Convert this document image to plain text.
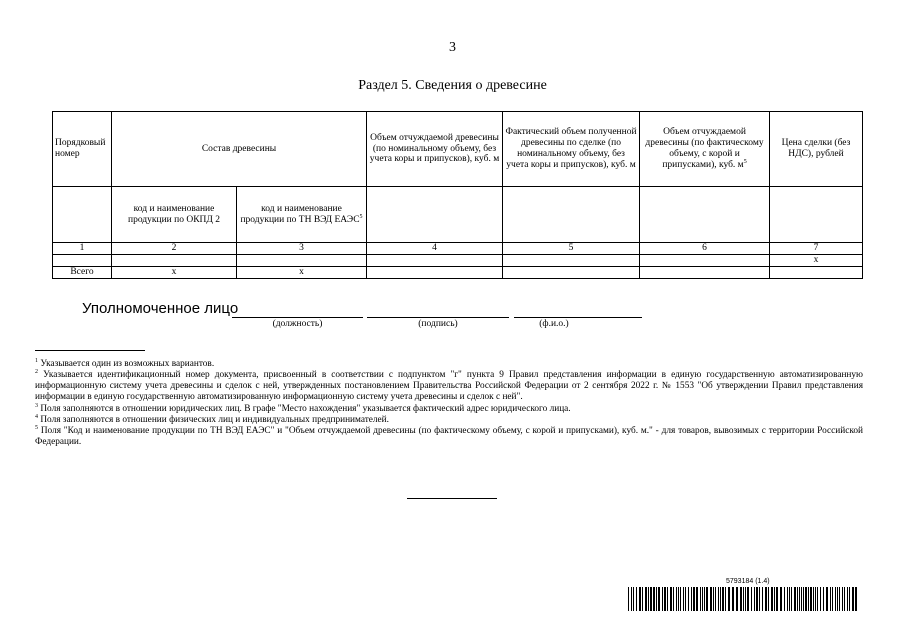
3
Раздел 5. Сведения о древесине
Порядковый номер	Состав древесины		Объем отчуждаемой древесины (по номинальному объему, без учета коры и припусков), куб. м	Фактический объем полученной древесины по сделке (по номинальному объему, без учета коры и припусков), куб. м	Объем отчуждаемой древесины (по фактическому объему, с корой и припусками), куб. $м^5$	Цена сделки (без НДС), рублей
	код и наименование продукции по ОКПД 2	код и наименование продукции по ТН ВЭД ЕАЭС$^5$				
1	2	3	4	5	6	7
						x
Всего	x	x				
Уполномоченное лицо
(должность)	(подпись)	(ф.и.о.)

$^1$ Указывается один из возможных вариантов.

$^2$ Указывается идентификационный номер документа, присвоенный в соответствии с подпунктом "г" пункта 9 Правил представления информации в единую государственную автоматизированную информационную систему учета древесины и сделок с ней, утвержденных постановлением Правительства Российской Федерации от 2 сентября 2022 г. № 1553 "Об утверждении Правил представления информации в единую государственную автоматизированную информационную систему учета древесины и сделок с ней".

$^3$ Поля заполняются в отношении юридических лиц. В графе "Место нахождения" указывается фактический адрес юридического лица.

$^4$ Поля заполняются в отношении физических лиц и индивидуальных предпринимателей.

$^5$ Поля "Код и наименование продукции по ТН ВЭД ЕАЭС" и "Объем отчуждаемой древесины (по фактическому объему, с корой и припусками), куб. м." - для товаров, вывозимых с территории Российской Федерации.

5793184 (1.4)
